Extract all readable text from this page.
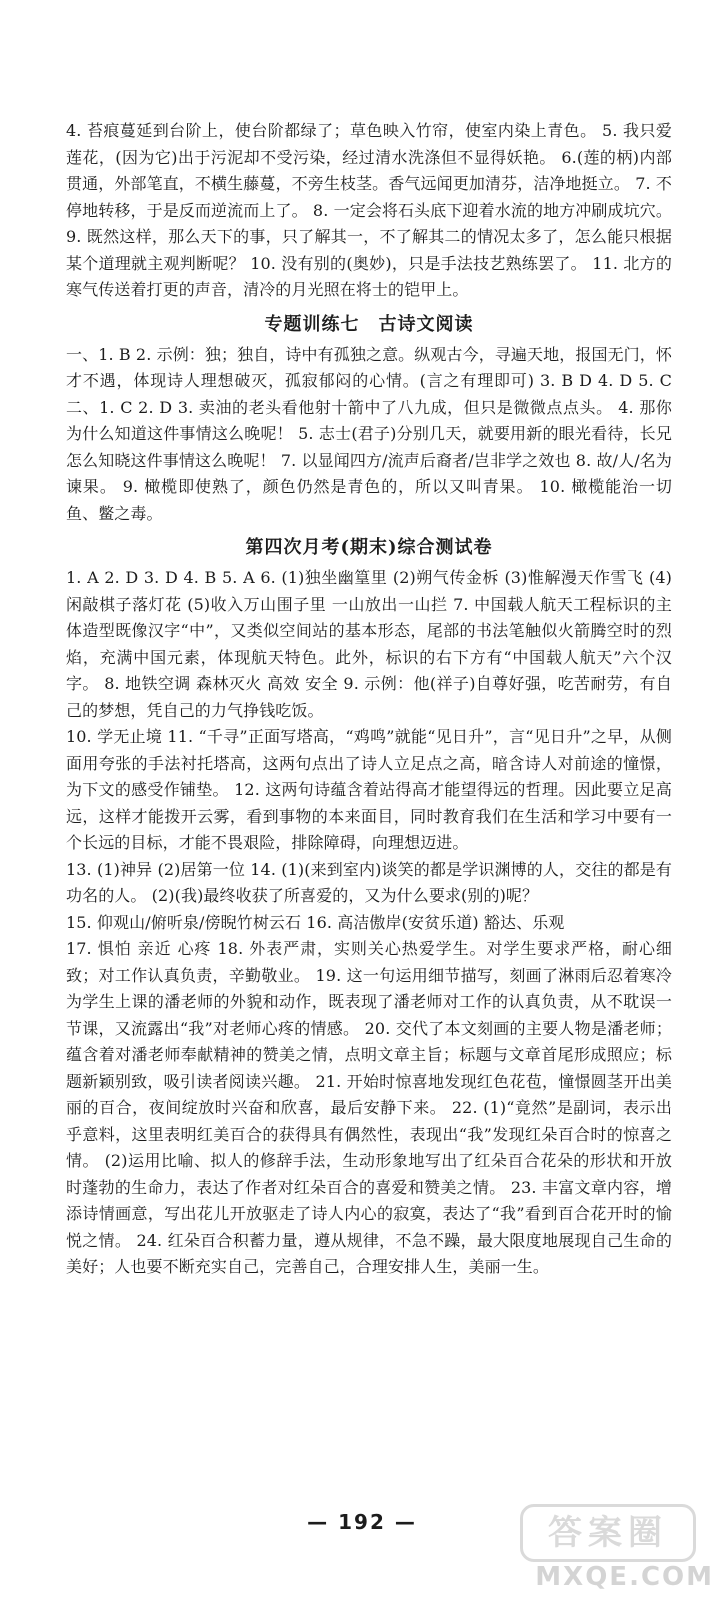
4. 苔痕蔓延到台阶上，使台阶都绿了；草色映入竹帘，使室内染上青色。 5. 我只爱莲花，(因为它)出于污泥却不受污染，经过清水洗涤但不显得妖艳。 6.(莲的柄)内部贯通，外部笔直，不横生藤蔓，不旁生枝茎。香气远闻更加清芬，洁净地挺立。 7. 不停地转移，于是反而逆流而上了。 8. 一定会将石头底下迎着水流的地方冲刷成坑穴。 9. 既然这样，那么天下的事，只了解其一，不了解其二的情况太多了，怎么能只根据某个道理就主观判断呢？ 10. 没有别的(奥妙)，只是手法技艺熟练罢了。 11. 北方的寒气传送着打更的声音，清冷的月光照在将士的铠甲上。

专题训练七　古诗文阅读

一、1. B 2. 示例：独；独自，诗中有孤独之意。纵观古今，寻遍天地，报国无门，怀才不遇，体现诗人理想破灭，孤寂郁闷的心情。(言之有理即可) 3. B D 4. D 5. C 二、1. C 2. D 3. 卖油的老头看他射十箭中了八九成，但只是微微点点头。 4. 那你为什么知道这件事情这么晚呢！ 5. 志士(君子)分别几天，就要用新的眼光看待，长兄怎么知晓这件事情这么晚呢！ 7. 以显闻四方/流声后裔者/岂非学之效也 8. 故/人/名为谏果。 9. 橄榄即使熟了，颜色仍然是青色的，所以又叫青果。 10. 橄榄能治一切鱼、鳖之毒。

第四次月考(期末)综合测试卷

1. A 2. D 3. D 4. B 5. A 6. (1)独坐幽篁里 (2)朔气传金柝 (3)惟解漫天作雪飞 (4)闲敲棋子落灯花 (5)收入万山围子里 一山放出一山拦 7. 中国载人航天工程标识的主体造型既像汉字“中”，又类似空间站的基本形态，尾部的书法笔触似火箭腾空时的烈焰，充满中国元素，体现航天特色。此外，标识的右下方有“中国载人航天”六个汉字。 8. 地铁空调 森林灭火 高效 安全 9. 示例：他(祥子)自尊好强，吃苦耐劳，有自己的梦想，凭自己的力气挣钱吃饭。

10. 学无止境 11. “千寻”正面写塔高，“鸡鸣”就能“见日升”，言“见日升”之早，从侧面用夸张的手法衬托塔高，这两句点出了诗人立足点之高，暗含诗人对前途的憧憬，为下文的感受作铺垫。 12. 这两句诗蕴含着站得高才能望得远的哲理。因此要立足高远，这样才能拨开云雾，看到事物的本来面目，同时教育我们在生活和学习中要有一个长远的目标，才能不畏艰险，排除障碍，向理想迈进。

13. (1)神异 (2)居第一位 14. (1)(来到室内)谈笑的都是学识渊博的人，交往的都是有功名的人。 (2)(我)最终收获了所喜爱的，又为什么要求(别的)呢？

15. 仰观山/俯听泉/傍睨竹树云石 16. 高洁傲岸(安贫乐道) 豁达、乐观

17. 惧怕 亲近 心疼 18. 外表严肃，实则关心热爱学生。对学生要求严格，耐心细致；对工作认真负责，辛勤敬业。 19. 这一句运用细节描写，刻画了淋雨后忍着寒冷为学生上课的潘老师的外貌和动作，既表现了潘老师对工作的认真负责，从不耽误一节课，又流露出“我”对老师心疼的情感。 20. 交代了本文刻画的主要人物是潘老师；蕴含着对潘老师奉献精神的赞美之情，点明文章主旨；标题与文章首尾形成照应；标题新颖别致，吸引读者阅读兴趣。 21. 开始时惊喜地发现红色花苞，憧憬圆茎开出美丽的百合，夜间绽放时兴奋和欣喜，最后安静下来。 22. (1)“竟然”是副词，表示出乎意料，这里表明红美百合的获得具有偶然性，表现出“我”发现红朵百合时的惊喜之情。 (2)运用比喻、拟人的修辞手法，生动形象地写出了红朵百合花朵的形状和开放时蓬勃的生命力，表达了作者对红朵百合的喜爱和赞美之情。 23. 丰富文章内容，增添诗情画意，写出花儿开放驱走了诗人内心的寂寞，表达了“我”看到百合花开时的愉悦之情。 24. 红朵百合积蓄力量，遵从规律，不急不躁，最大限度地展现自己生命的美好；人也要不断充实自己，完善自己，合理安排人生，美丽一生。

— 192 —	答案圈
MXQE.COM
